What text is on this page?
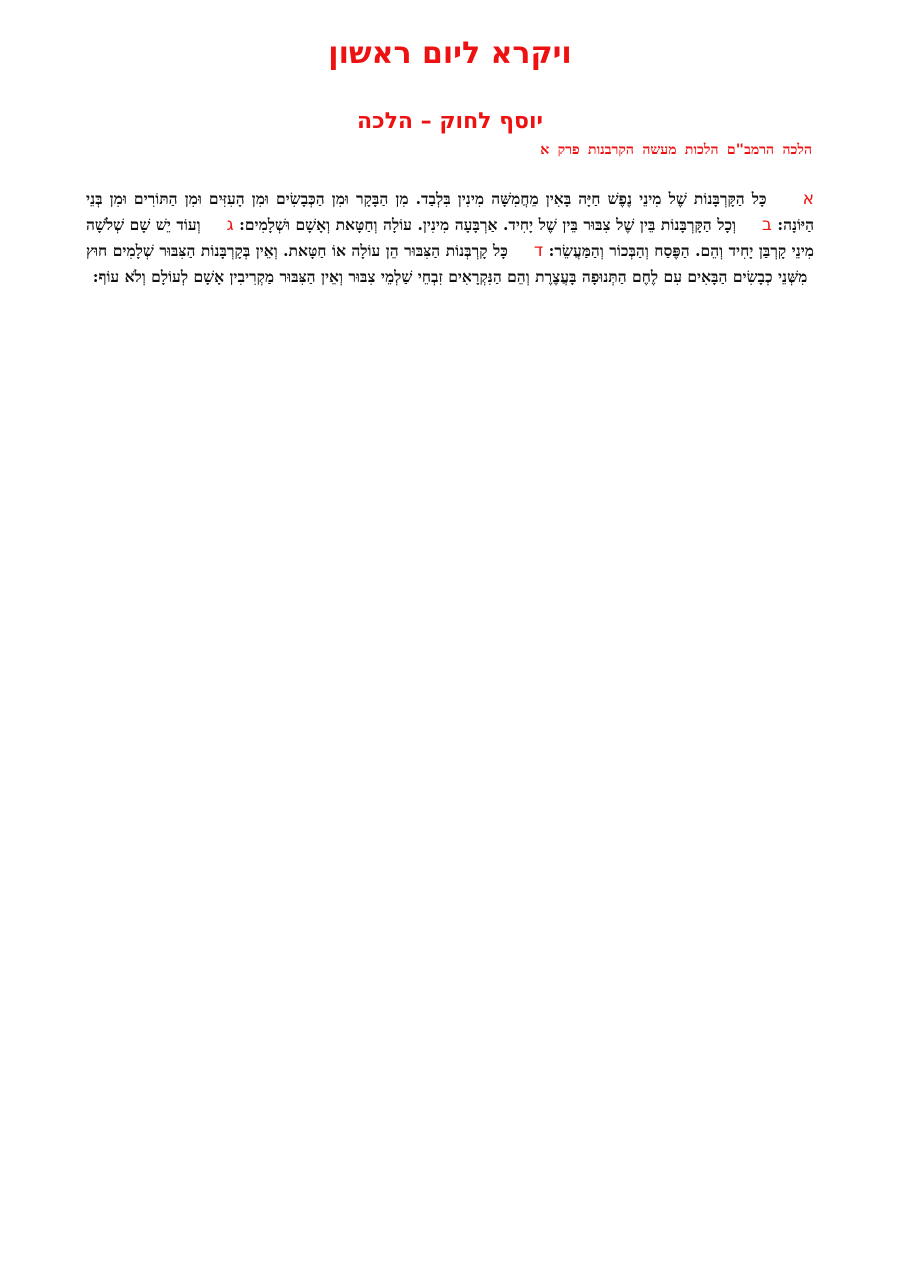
ויקרא ליום ראשון
יוסף לחוק – הלכה
הלכה הרמב"ם הלכות מעשה הקרבנות פרק א

אכָּל הַקָּרְבָּנוֹת שֶׁל מִינֵי נֶפֶשׁ חַיָּה בָּאִין מֵחֲמִשָּׁה מִינִין בִּלְבַד. מִן הַבָּקָר וּמִן הַכְּבָשִׂים וּמִן הָעִזִּים וּמִן הַתּוֹרִים וּמִן בְּנֵי הַיּוֹנָה: בוְכָל הַקָּרְבָּנוֹת בֵּין שֶׁל צִבּוּר בֵּין שֶׁל יָחִיד. אַרְבָּעָה מִינִין. עוֹלָה וְחַטָּאת וְאָשָׁם וּשְׁלָמִים: גוְעוֹד יֵשׁ שָׁם שְׁלֹשָׁה מִינֵי קָרְבַּן יָחִיד וְהֵם. הַפֶּסַח וְהַבְּכוֹר וְהַמַּעֲשֵׂר: דכָּל קָרְבְּנוֹת הַצִּבּוּר הֵן עוֹלָה אוֹ חַטָּאת. וְאֵין בְּקָרְבָּנוֹת הַצִּבּוּר שְׁלָמִים חוּץ מִשְּׁנֵי כְבָשִׂים הַבָּאִים עִם לֶחֶם הַתְּנוּפָה בָּעֲצֶרֶת וְהֵם הַנִּקְרָאִים זִבְחֵי שַׁלְמֵי צִבּוּר וְאֵין הַצִּבּוּר מַקְרִיבִין אָשָׁם לְעוֹלָם וְלֹא עוֹף:
